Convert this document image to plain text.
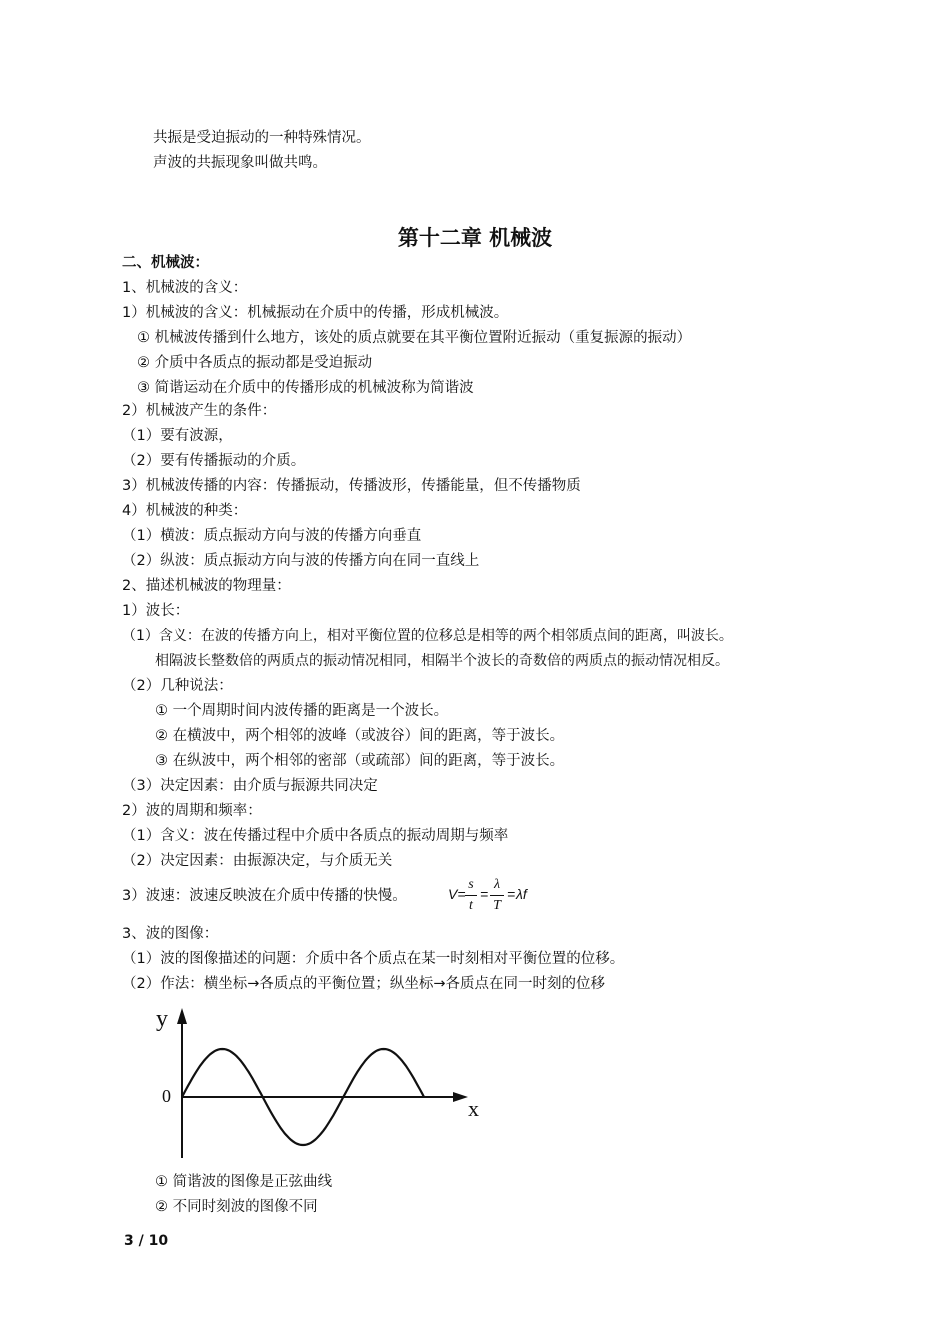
共振是受迫振动的一种特殊情况。
声波的共振现象叫做共鸣。
第十二章 机械波
二、机械波：
1、机械波的含义：
1）机械波的含义：机械振动在介质中的传播，形成机械波。
① 机械波传播到什么地方，该处的质点就要在其平衡位置附近振动（重复振源的振动）
② 介质中各质点的振动都是受迫振动
③ 简谐运动在介质中的传播形成的机械波称为简谐波
2）机械波产生的条件：
（1）要有波源，
（2）要有传播振动的介质。
3）机械波传播的内容：传播振动，传播波形，传播能量，但不传播物质
4）机械波的种类：
（1）横波：质点振动方向与波的传播方向垂直
（2）纵波：质点振动方向与波的传播方向在同一直线上
2、描述机械波的物理量：
1）波长：
（1）含义：在波的传播方向上，相对平衡位置的位移总是相等的两个相邻质点间的距离，叫波长。
相隔波长整数倍的两质点的振动情况相同，相隔半个波长的奇数倍的两质点的振动情况相反。
（2）几种说法：
① 一个周期时间内波传播的距离是一个波长。
② 在横波中，两个相邻的波峰（或波谷）间的距离，等于波长。
③ 在纵波中，两个相邻的密部（或疏部）间的距离，等于波长。
（3）决定因素：由介质与振源共同决定
2）波的周期和频率：
（1）含义：波在传播过程中介质中各质点的振动周期与频率
（2）决定因素：由振源决定，与介质无关
3）波速：波速反映波在介质中传播的快慢。	V=
s
t
=
λ
T
= λf
3、波的图像：
（1）波的图像描述的问题：介质中各个质点在某一时刻相对平衡位置的位移。
（2）作法：横坐标→各质点的平衡位置；纵坐标→各质点在同一时刻的位移
y
x
0
① 简谐波的图像是正弦曲线
② 不同时刻波的图像不同
3 / 10
